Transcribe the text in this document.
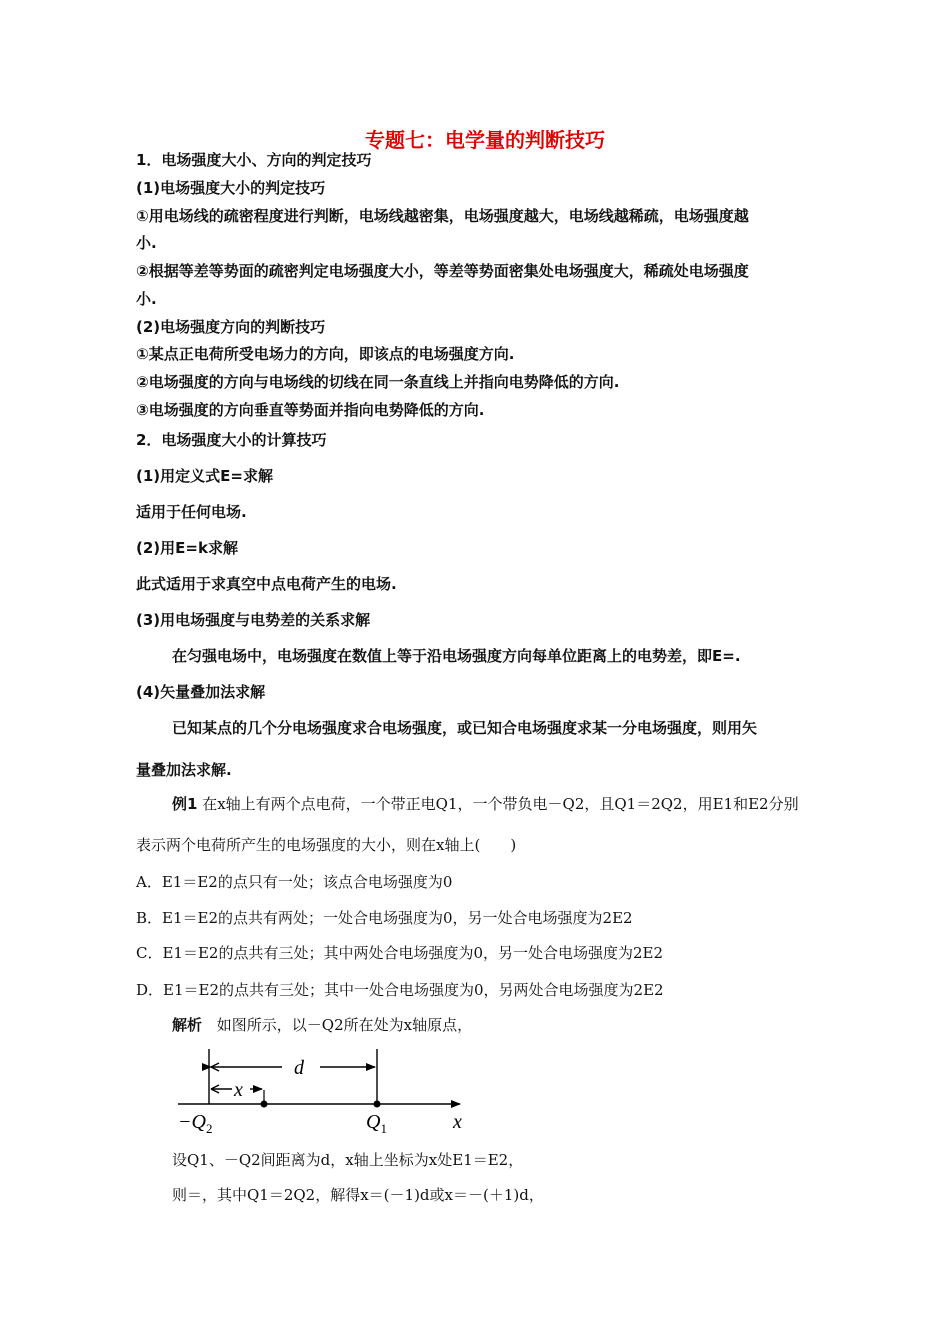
专题七：电学量的判断技巧
1．电场强度大小、方向的判定技巧
(1)电场强度大小的判定技巧
①用电场线的疏密程度进行判断，电场线越密集，电场强度越大，电场线越稀疏，电场强度越
小.
②根据等差等势面的疏密判定电场强度大小，等差等势面密集处电场强度大，稀疏处电场强度
小.
(2)电场强度方向的判断技巧
①某点正电荷所受电场力的方向，即该点的电场强度方向.
②电场强度的方向与电场线的切线在同一条直线上并指向电势降低的方向.
③电场强度的方向垂直等势面并指向电势降低的方向.
2．电场强度大小的计算技巧
(1)用定义式E=求解
适用于任何电场.
(2)用E=k求解
此式适用于求真空中点电荷产生的电场.
(3)用电场强度与电势差的关系求解
在匀强电场中，电场强度在数值上等于沿电场强度方向每单位距离上的电势差，即E=.
(4)矢量叠加法求解
已知某点的几个分电场强度求合电场强度，或已知合电场强度求某一分电场强度，则用矢
量叠加法求解.
例1 在x轴上有两个点电荷，一个带正电Q1，一个带负电－Q2，且Q1＝2Q2，用E1和E2分别
表示两个电荷所产生的电场强度的大小，则在x轴上(　　)
A．E1＝E2的点只有一处；该点合电场强度为0
B．E1＝E2的点共有两处；一处合电场强度为0，另一处合电场强度为2E2
C．E1＝E2的点共有三处；其中两处合电场强度为0，另一处合电场强度为2E2
D．E1＝E2的点共有三处；其中一处合电场强度为0，另两处合电场强度为2E2
解析 如图所示，以－Q2所在处为x轴原点，
d
x
$-Q_2$	$Q_1$	x
设Q1、－Q2间距离为d，x轴上坐标为x处E1＝E2，
则＝，其中Q1＝2Q2，解得x＝(－1)d或x＝－(＋1)d，
